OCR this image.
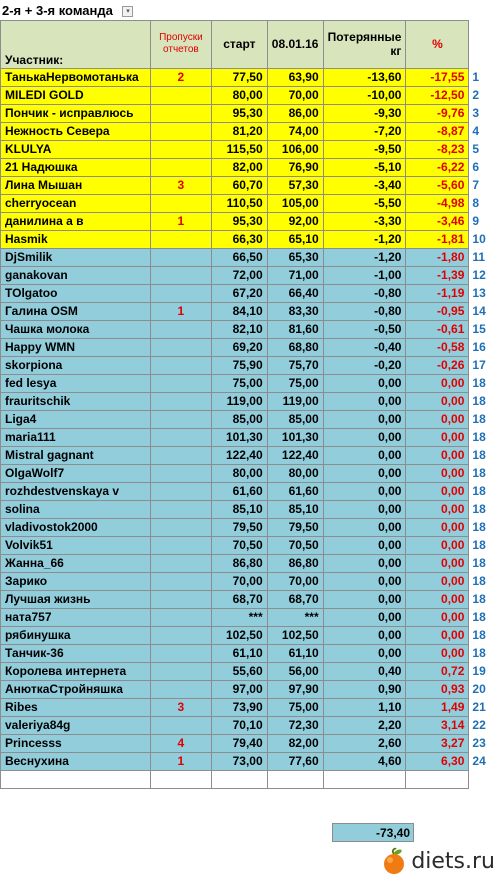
2-я + 3-я команда ▾
Участник:	Пропуски отчетов	старт	08.01.16	Потерянные кг	%	
ТанькаНервомотанька	2	77,50	63,90	-13,60	-17,55	1
MILEDI GOLD		80,00	70,00	-10,00	-12,50	2
Пончик - исправлюсь		95,30	86,00	-9,30	-9,76	3
Нежность Севера		81,20	74,00	-7,20	-8,87	4
KLULYA		115,50	106,00	-9,50	-8,23	5
21 Надюшка		82,00	76,90	-5,10	-6,22	6
Лина Мышан	3	60,70	57,30	-3,40	-5,60	7
cherryocean		110,50	105,00	-5,50	-4,98	8
данилина а в	1	95,30	92,00	-3,30	-3,46	9
Hasmik		66,30	65,10	-1,20	-1,81	10
DjSmilik		66,50	65,30	-1,20	-1,80	11
ganakovan		72,00	71,00	-1,00	-1,39	12
TOlgatoo		67,20	66,40	-0,80	-1,19	13
Галина OSM	1	84,10	83,30	-0,80	-0,95	14
Чашка молока		82,10	81,60	-0,50	-0,61	15
Happy WMN		69,20	68,80	-0,40	-0,58	16
skorpiona		75,90	75,70	-0,20	-0,26	17
fed lesya		75,00	75,00	0,00	0,00	18
frauritschik		119,00	119,00	0,00	0,00	18
Liga4		85,00	85,00	0,00	0,00	18
maria111		101,30	101,30	0,00	0,00	18
Mistral gagnant		122,40	122,40	0,00	0,00	18
OlgaWolf7		80,00	80,00	0,00	0,00	18
rozhdestvenskaya v		61,60	61,60	0,00	0,00	18
solina		85,10	85,10	0,00	0,00	18
vladivostok2000		79,50	79,50	0,00	0,00	18
Volvik51		70,50	70,50	0,00	0,00	18
Жанна_66		86,80	86,80	0,00	0,00	18
Зарико		70,00	70,00	0,00	0,00	18
Лучшая жизнь		68,70	68,70	0,00	0,00	18
ната757		***	***	0,00	0,00	18
рябинушка		102,50	102,50	0,00	0,00	18
Танчик-36		61,10	61,10	0,00	0,00	18
Королева интернета		55,60	56,00	0,40	0,72	19
АнюткаСтройняшка		97,00	97,90	0,90	0,93	20
Ribes	3	73,90	75,00	1,10	1,49	21
valeriya84g		70,10	72,30	2,20	3,14	22
Princesss	4	79,40	82,00	2,60	3,27	23
Веснухина	1	73,00	77,60	4,60	6,30	24

-73,40
diets.ru
